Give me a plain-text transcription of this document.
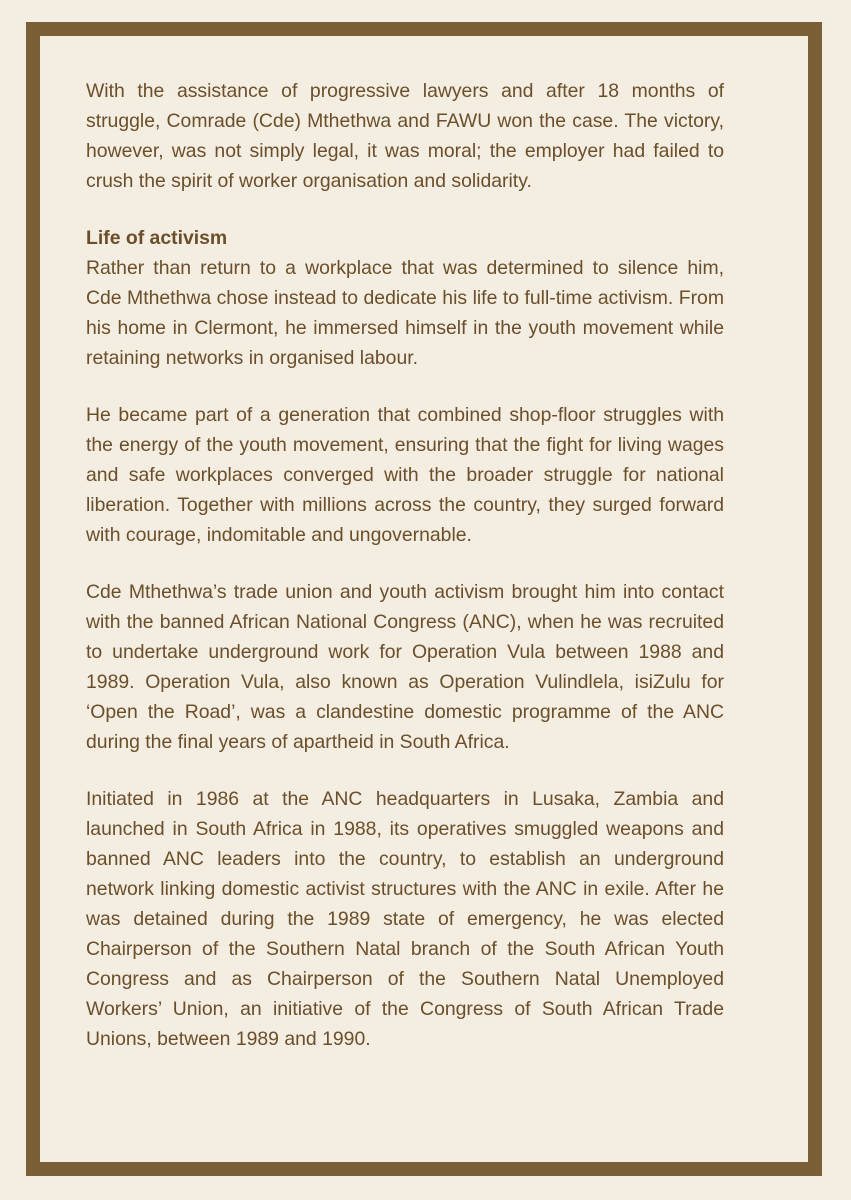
With the assistance of progressive lawyers and after 18 months of struggle, Comrade (Cde) Mthethwa and FAWU won the case. The victory, however, was not simply legal, it was moral; the employer had failed to crush the spirit of worker organisation and solidarity.

Life of activism

Rather than return to a workplace that was determined to silence him, Cde Mthethwa chose instead to dedicate his life to full-time activism. From his home in Clermont, he immersed himself in the youth movement while retaining networks in organised labour.

He became part of a generation that combined shop-floor struggles with the energy of the youth movement, ensuring that the fight for living wages and safe workplaces converged with the broader struggle for national liberation. Together with millions across the country, they surged forward with courage, indomitable and ungovernable.

Cde Mthethwa’s trade union and youth activism brought him into contact with the banned African National Congress (ANC), when he was recruited to undertake underground work for Operation Vula between 1988 and 1989. Operation Vula, also known as Operation Vulindlela, isiZulu for ‘Open the Road’, was a clandestine domestic programme of the ANC during the final years of apartheid in South Africa.

Initiated in 1986 at the ANC headquarters in Lusaka, Zambia and launched in South Africa in 1988, its operatives smuggled weapons and banned ANC leaders into the country, to establish an underground network linking domestic activist structures with the ANC in exile. After he was detained during the 1989 state of emergency, he was elected Chairperson of the Southern Natal branch of the South African Youth Congress and as Chairperson of the Southern Natal Unemployed Workers’ Union, an initiative of the Congress of South African Trade Unions, between 1989 and 1990.
